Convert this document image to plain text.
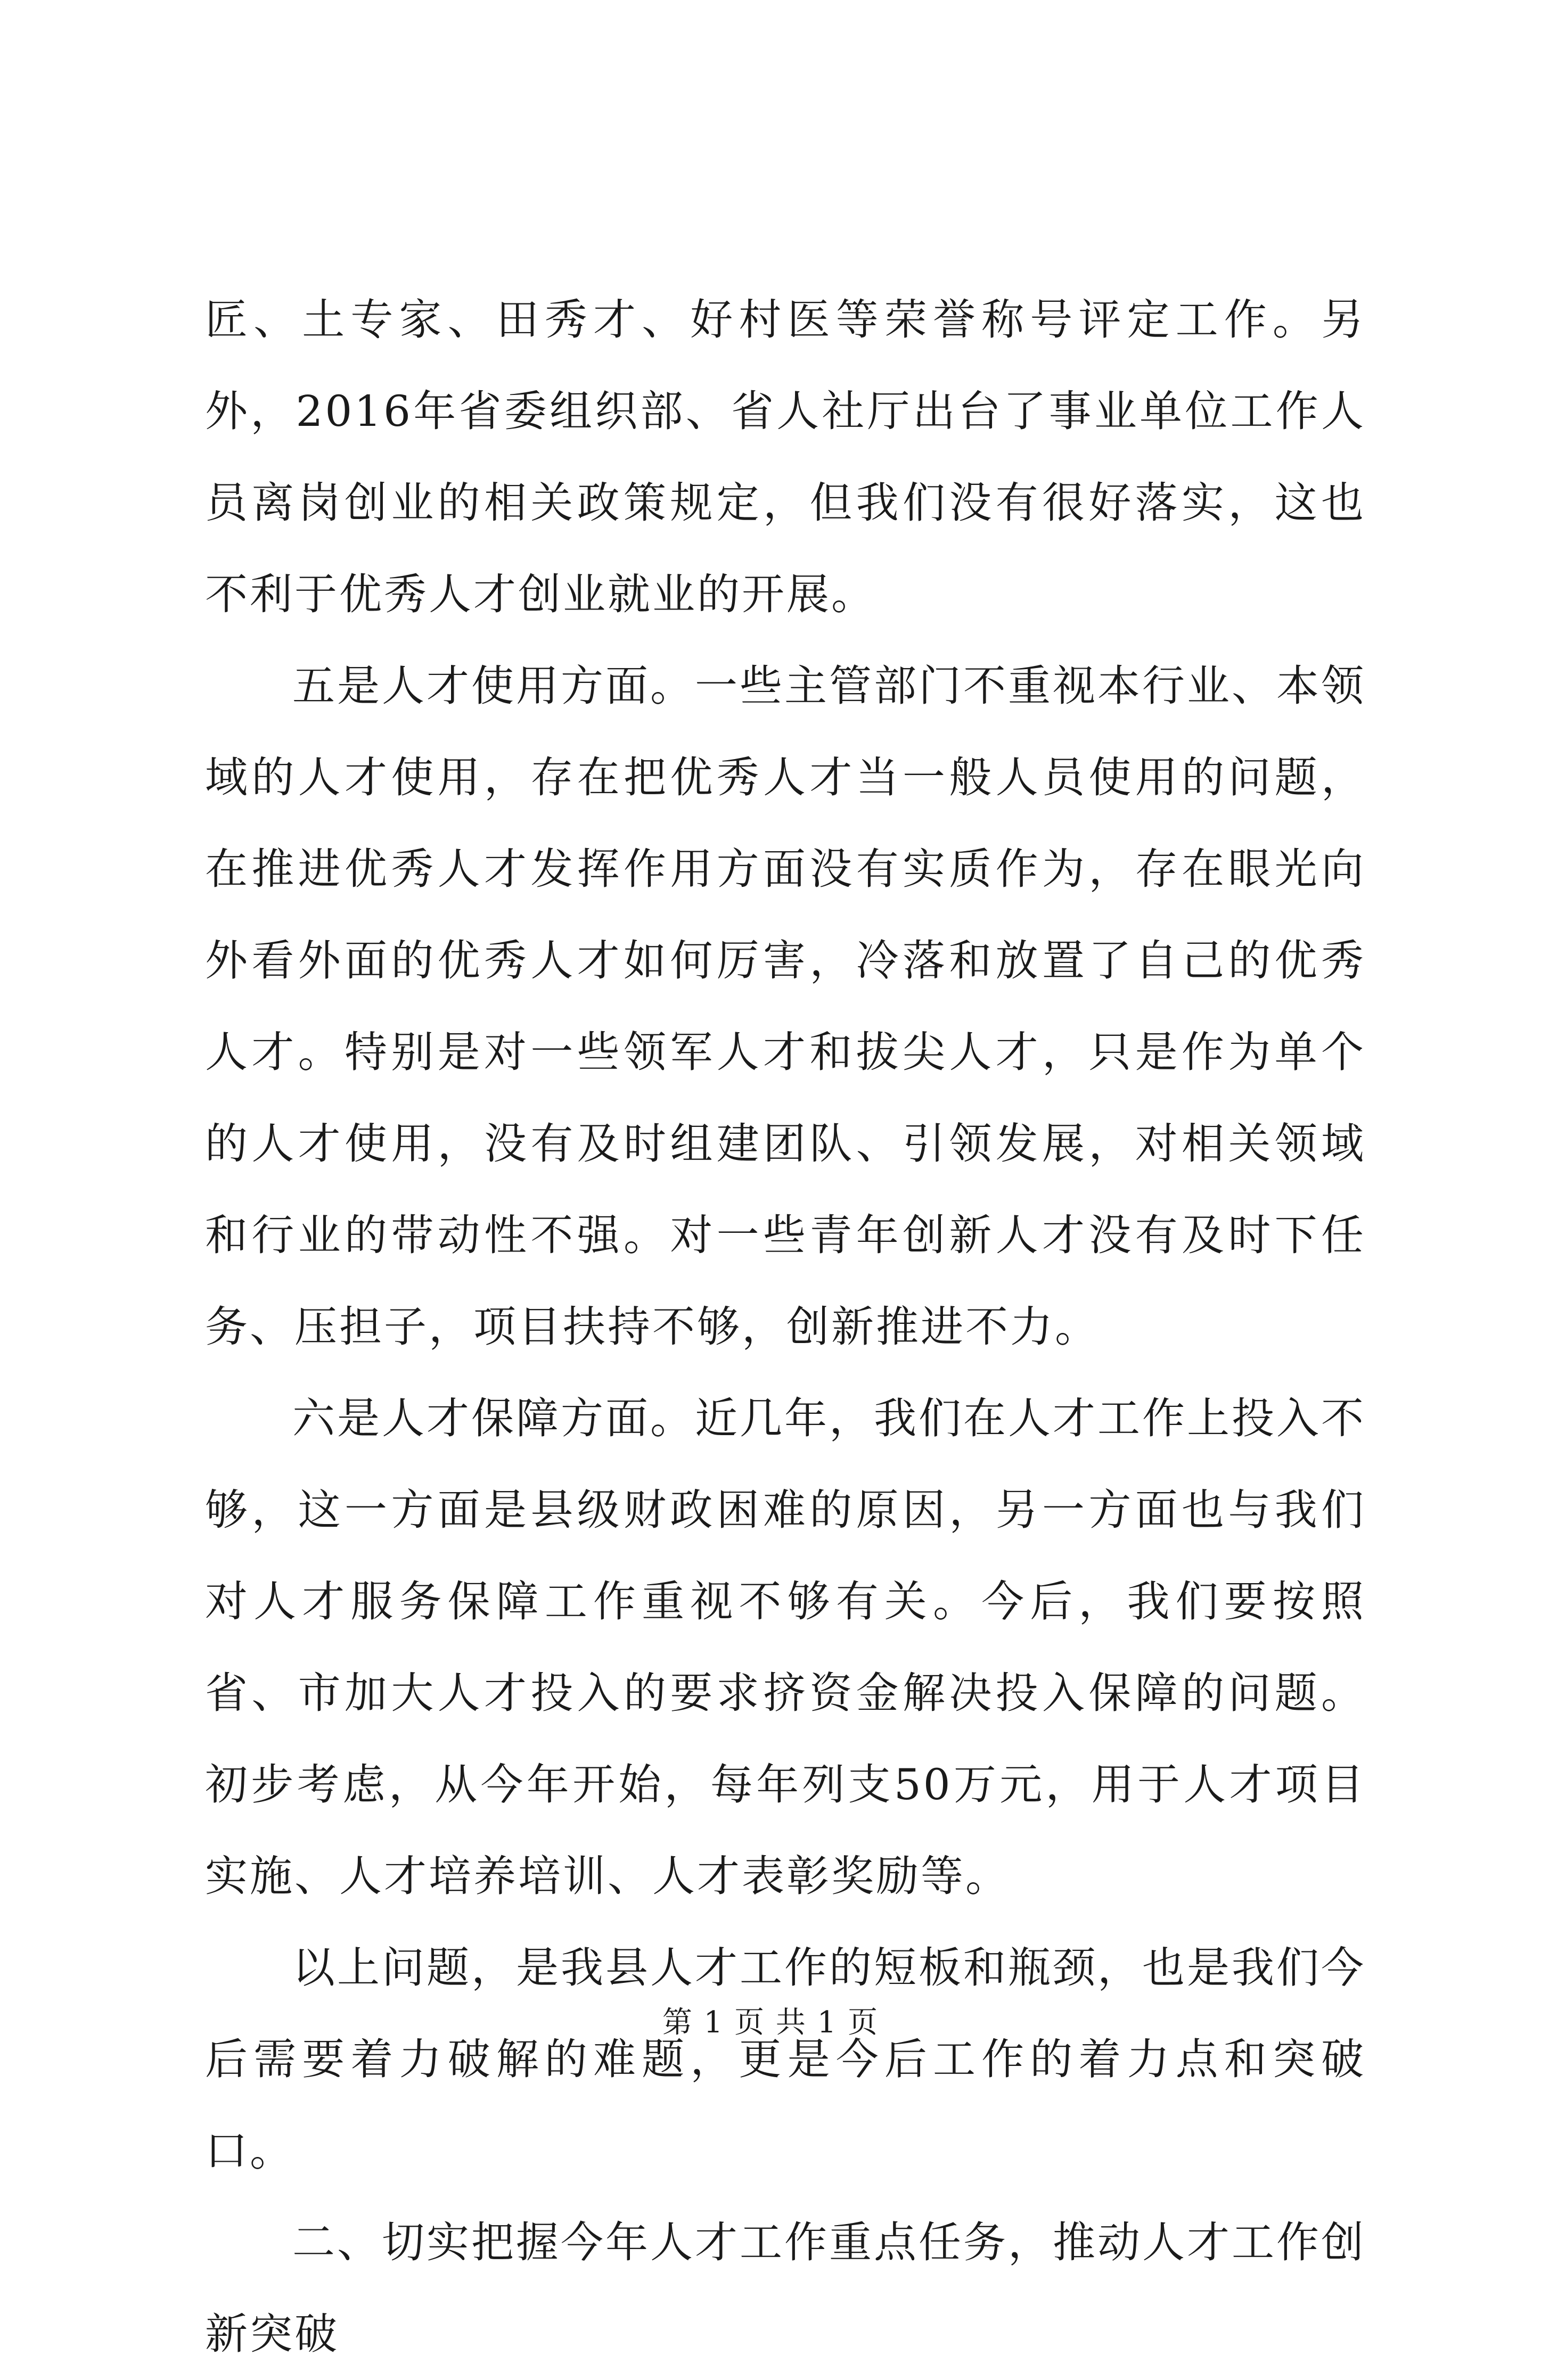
匠、土专家、田秀才、好村医等荣誉称号评定工作。另外，2016年省委组织部、省人社厅出台了事业单位工作人员离岗创业的相关政策规定，但我们没有很好落实，这也不利于优秀人才创业就业的开展。

五是人才使用方面。一些主管部门不重视本行业、本领域的人才使用，存在把优秀人才当一般人员使用的问题，在推进优秀人才发挥作用方面没有实质作为，存在眼光向外看外面的优秀人才如何厉害，冷落和放置了自己的优秀人才。特别是对一些领军人才和拔尖人才，只是作为单个的人才使用，没有及时组建团队、引领发展，对相关领域和行业的带动性不强。对一些青年创新人才没有及时下任务、压担子，项目扶持不够，创新推进不力。

六是人才保障方面。近几年，我们在人才工作上投入不够，这一方面是县级财政困难的原因，另一方面也与我们对人才服务保障工作重视不够有关。今后，我们要按照省、市加大人才投入的要求挤资金解决投入保障的问题。初步考虑，从今年开始，每年列支50万元，用于人才项目实施、人才培养培训、人才表彰奖励等。

以上问题，是我县人才工作的短板和瓶颈，也是我们今后需要着力破解的难题，更是今后工作的着力点和突破口。

二、切实把握今年人才工作重点任务，推动人才工作创新突破

第 1 页 共 1 页
